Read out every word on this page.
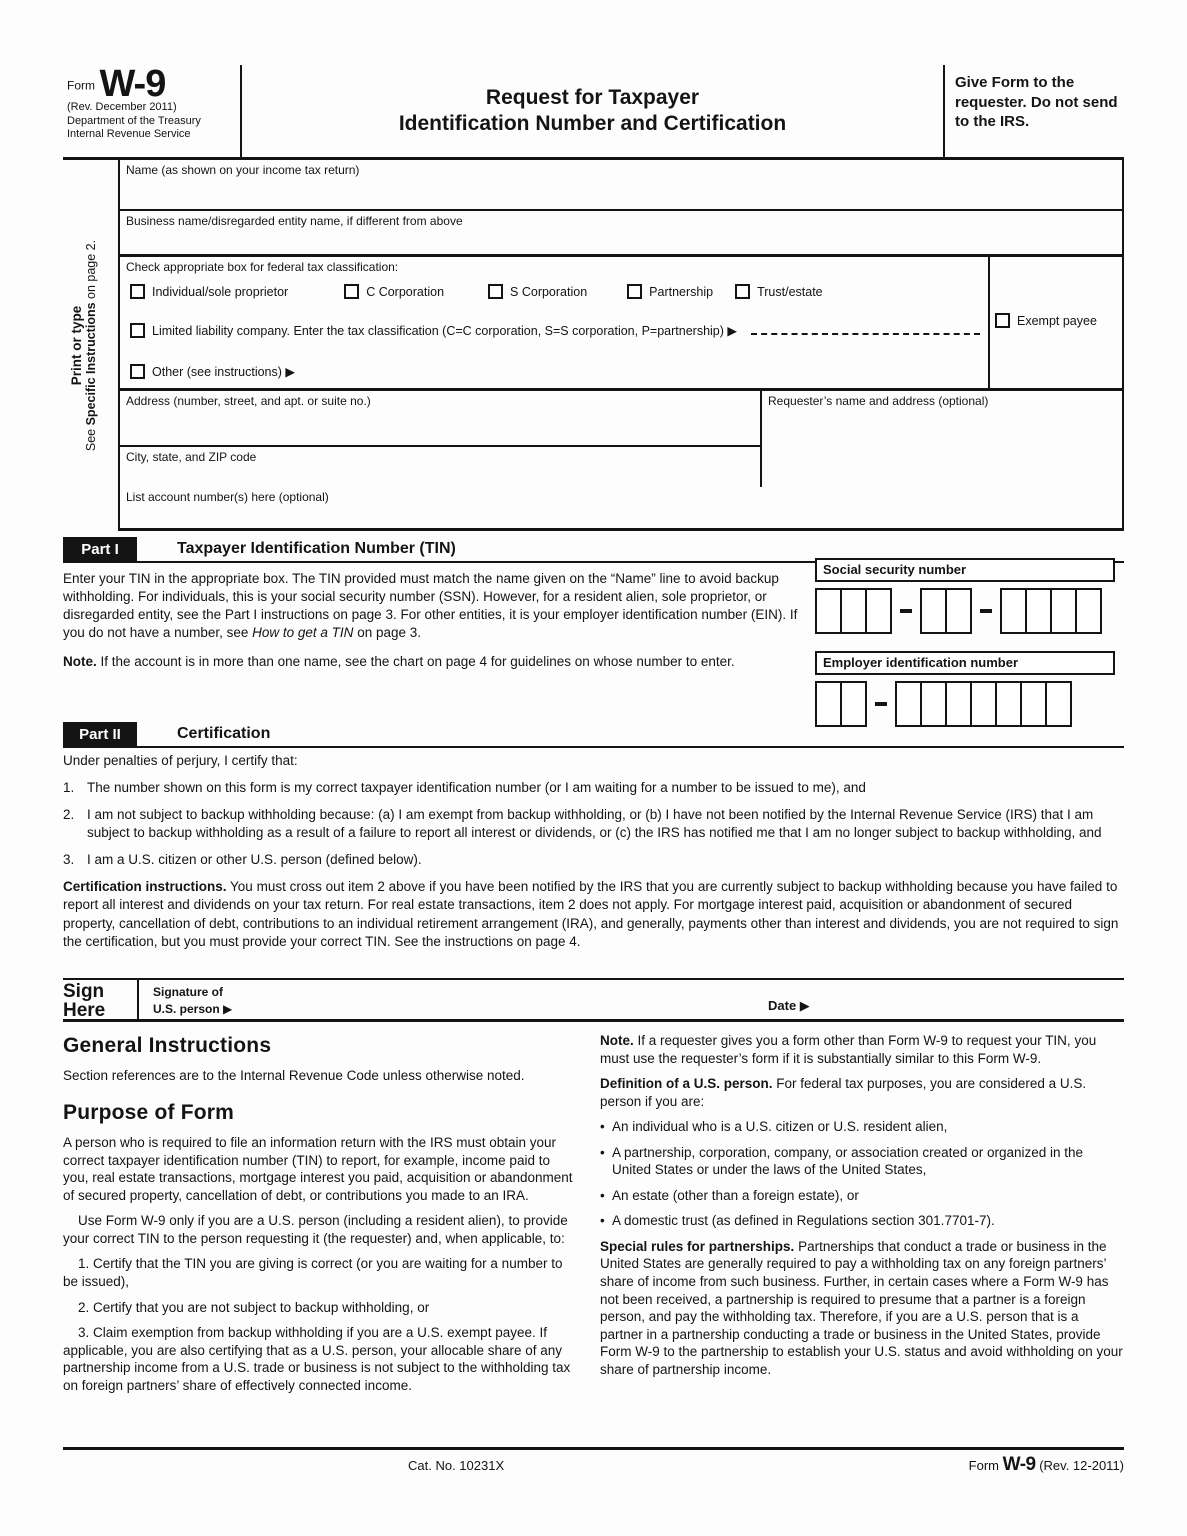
$^{Form}$ W-9
(Rev. December 2011)
Department of the Treasury
Internal Revenue Service
Request for Taxpayer
Identification Number and Certification
Give Form to the requester. Do not send to the IRS.
Print or type
See Specific Instructions on page 2.
Name (as shown on your income tax return)
Business name/disregarded entity name, if different from above
Check appropriate box for federal tax classification:
Individual/sole proprietor	C Corporation	S Corporation	Partnership	Trust/estate
Limited liability company. Enter the tax classification (C=C corporation, S=S corporation, P=partnership) ▶
Other (see instructions) ▶
Exempt payee
Address (number, street, and apt. or suite no.)
City, state, and ZIP code
Requester’s name and address (optional)
List account number(s) here (optional)
Part I	Taxpayer Identification Number (TIN)
Enter your TIN in the appropriate box. The TIN provided must match the name given on the “Name” line to avoid backup withholding. For individuals, this is your social security number (SSN). However, for a resident alien, sole proprietor, or disregarded entity, see the Part I instructions on page 3. For other entities, it is your employer identification number (EIN). If you do not have a number, see How to get a TIN on page 3.
Note. If the account is in more than one name, see the chart on page 4 for guidelines on whose number to enter.
Social security number
Employer identification number
Part II	Certification
Under penalties of perjury, I certify that:
1. The number shown on this form is my correct taxpayer identification number (or I am waiting for a number to be issued to me), and
2. I am not subject to backup withholding because: (a) I am exempt from backup withholding, or (b) I have not been notified by the Internal Revenue Service (IRS) that I am subject to backup withholding as a result of a failure to report all interest or dividends, or (c) the IRS has notified me that I am no longer subject to backup withholding, and
3. I am a U.S. citizen or other U.S. person (defined below).
Certification instructions. You must cross out item 2 above if you have been notified by the IRS that you are currently subject to backup withholding because you have failed to report all interest and dividends on your tax return. For real estate transactions, item 2 does not apply. For mortgage interest paid, acquisition or abandonment of secured property, cancellation of debt, contributions to an individual retirement arrangement (IRA), and generally, payments other than interest and dividends, you are not required to sign the certification, but you must provide your correct TIN. See the instructions on page 4.
Sign
Here
Signature of
U.S. person ▶	Date ▶
General Instructions

Section references are to the Internal Revenue Code unless otherwise noted.

Purpose of Form

A person who is required to file an information return with the IRS must obtain your correct taxpayer identification number (TIN) to report, for example, income paid to you, real estate transactions, mortgage interest you paid, acquisition or abandonment of secured property, cancellation of debt, or contributions you made to an IRA.

Use Form W-9 only if you are a U.S. person (including a resident alien), to provide your correct TIN to the person requesting it (the requester) and, when applicable, to:

1. Certify that the TIN you are giving is correct (or you are waiting for a number to be issued),

2. Certify that you are not subject to backup withholding, or

3. Claim exemption from backup withholding if you are a U.S. exempt payee. If applicable, you are also certifying that as a U.S. person, your allocable share of any partnership income from a U.S. trade or business is not subject to the withholding tax on foreign partners’ share of effectively connected income.

Note. If a requester gives you a form other than Form W-9 to request your TIN, you must use the requester’s form if it is substantially similar to this Form W-9.

Definition of a U.S. person. For federal tax purposes, you are considered a U.S. person if you are:

• An individual who is a U.S. citizen or U.S. resident alien,
• A partnership, corporation, company, or association created or organized in the United States or under the laws of the United States,
• An estate (other than a foreign estate), or
• A domestic trust (as defined in Regulations section 301.7701-7).

Special rules for partnerships. Partnerships that conduct a trade or business in the United States are generally required to pay a withholding tax on any foreign partners’ share of income from such business. Further, in certain cases where a Form W-9 has not been received, a partnership is required to presume that a partner is a foreign person, and pay the withholding tax. Therefore, if you are a U.S. person that is a partner in a partnership conducting a trade or business in the United States, provide Form W-9 to the partnership to establish your U.S. status and avoid withholding on your share of partnership income.

Cat. No. 10231X	Form W-9 (Rev. 12-2011)
